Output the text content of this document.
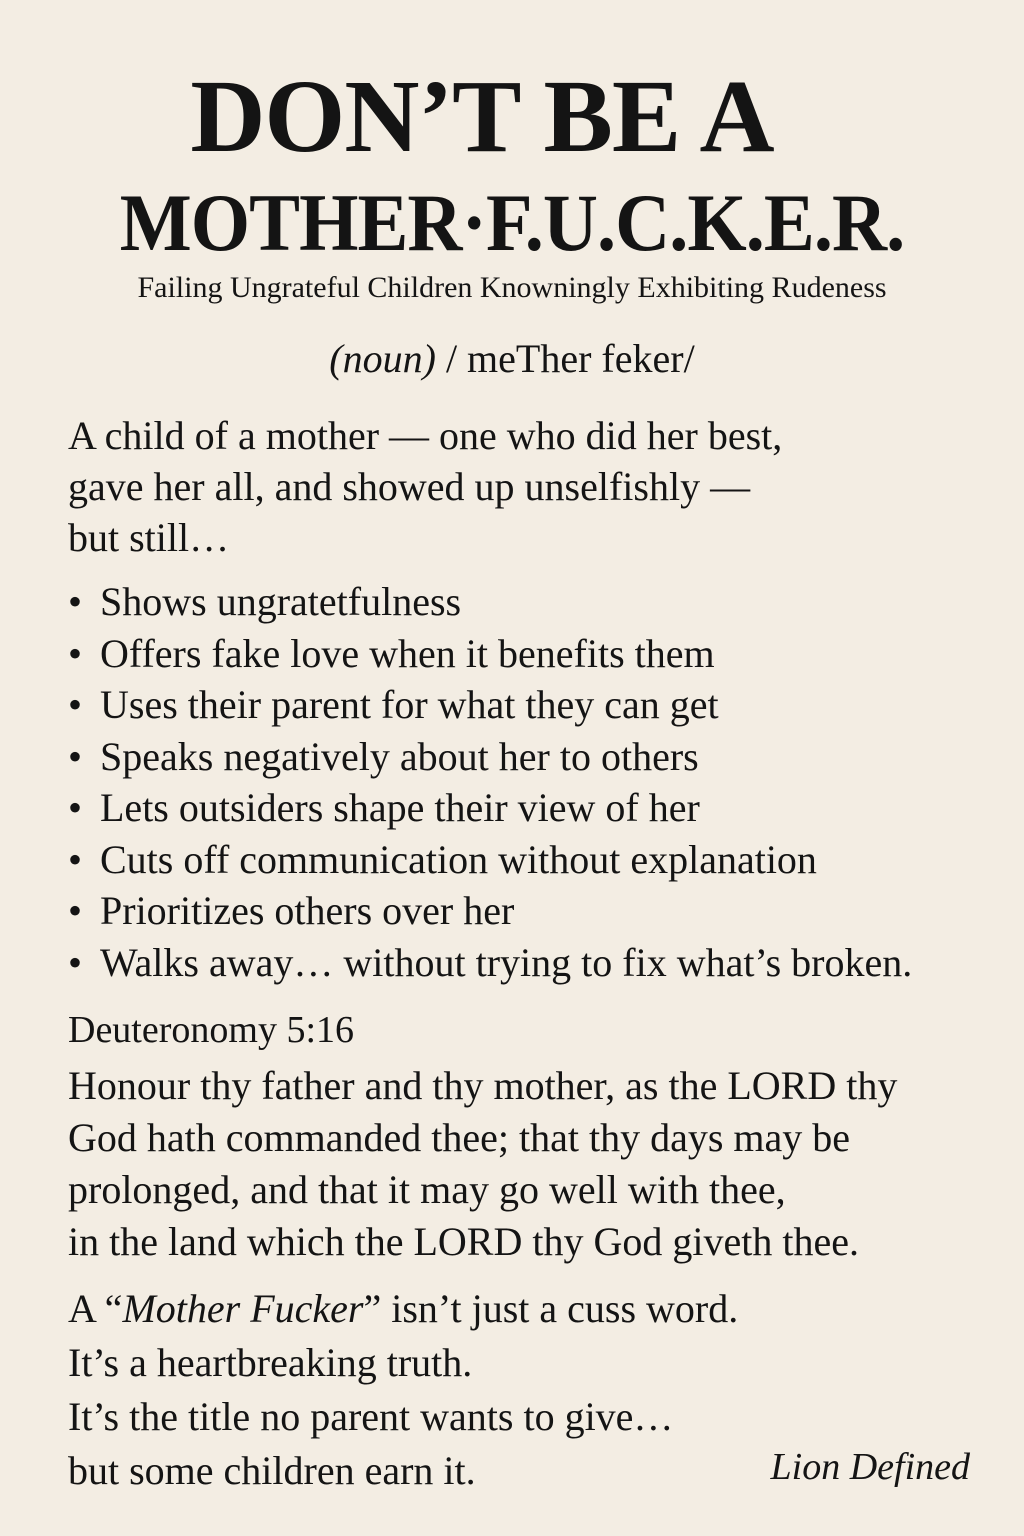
DON’T BE A
MOTHER·F.U.C.K.E.R.
Failing Ungrateful Children Knowningly Exhibiting Rudeness
(noun) / meTher feker/
A child of a mother — one who did her best,
gave her all, and showed up unselfishly —
but still…
• Shows ungratetfulness
• Offers fake love when it benefits them
• Uses their parent for what they can get
• Speaks negatively about her to others
• Lets outsiders shape their view of her
• Cuts off communication without explanation
• Prioritizes others over her
• Walks away… without trying to fix what’s broken.
Deuteronomy 5:16
Honour thy father and thy mother, as the LORD thy
God hath commanded thee; that thy days may be
prolonged, and that it may go well with thee,
in the land which the LORD thy God giveth thee.
A “Mother Fucker” isn’t just a cuss word.
It’s a heartbreaking truth.
It’s the title no parent wants to give…
but some children earn it.	Lion Defined
